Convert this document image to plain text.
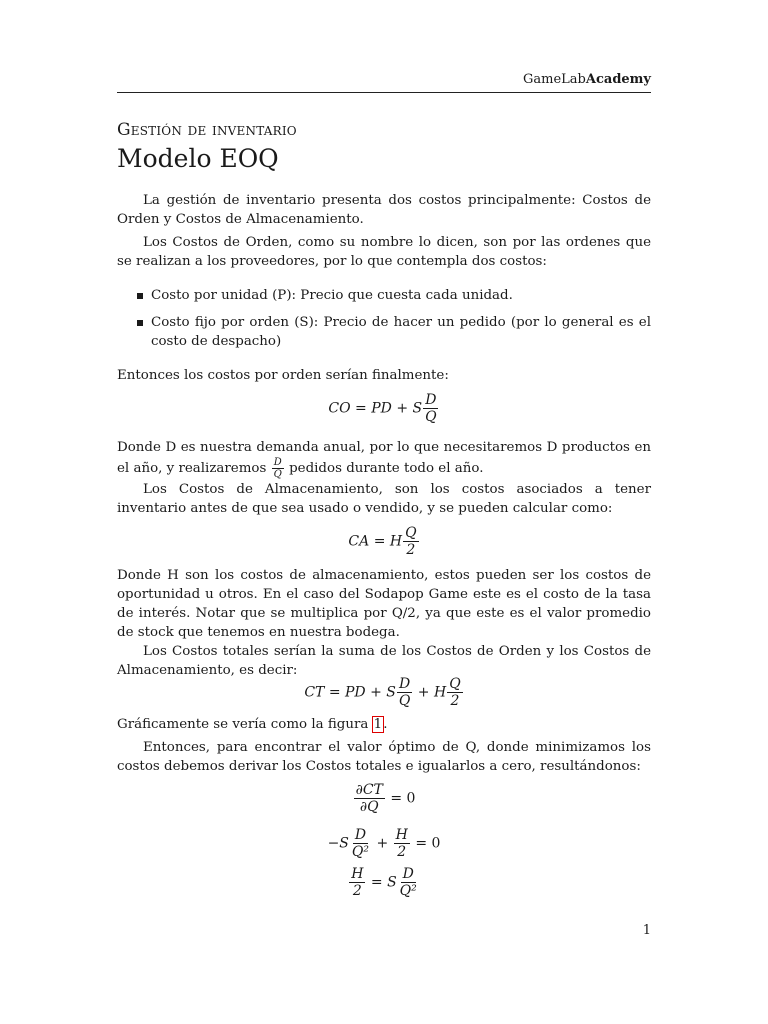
GameLabAcademy
Gestión de inventario
Modelo EOQ
La gestión de inventario presenta dos costos principalmente: Costos de Orden y Costos de Almacenamiento.
Los Costos de Orden, como su nombre lo dicen, son por las ordenes que se realizan a los proveedores, por lo que contempla dos costos:
Costo por unidad (P): Precio que cuesta cada unidad.
Costo fijo por orden (S): Precio de hacer un pedido (por lo general es el costo de despacho)
Entonces los costos por orden serían finalmente:
CO = PD + S $\frac{D}{Q}$
Donde D es nuestra demanda anual, por lo que necesitaremos D productos en el año, y realizaremos $\frac{D}{Q}$ pedidos durante todo el año.
Los Costos de Almacenamiento, son los costos asociados a tener inventario antes de que sea usado o vendido, y se pueden calcular como:
CA = H $\frac{Q}{2}$
Donde H son los costos de almacenamiento, estos pueden ser los costos de oportunidad u otros. En el caso del Sodapop Game este es el costo de la tasa de interés. Notar que se multiplica por Q/2, ya que este es el valor promedio de stock que tenemos en nuestra bodega.
Los Costos totales serían la suma de los Costos de Orden y los Costos de Almacenamiento, es decir:
CT = PD + S $\frac{D}{Q} + H \frac{Q}{2}$
Gráficamente se vería como la figura 1.
Entonces, para encontrar el valor óptimo de Q, donde minimizamos los costos debemos derivar los Costos totales e igualarlos a cero, resultándonos:
$\frac{\partial CT}{\partial Q} = 0$
$-S \frac{D}{\text{Q²}} + \frac{H}{2} = 0$
$\frac{H}{2} = S \frac{D}{\text{Q²}}$
1
